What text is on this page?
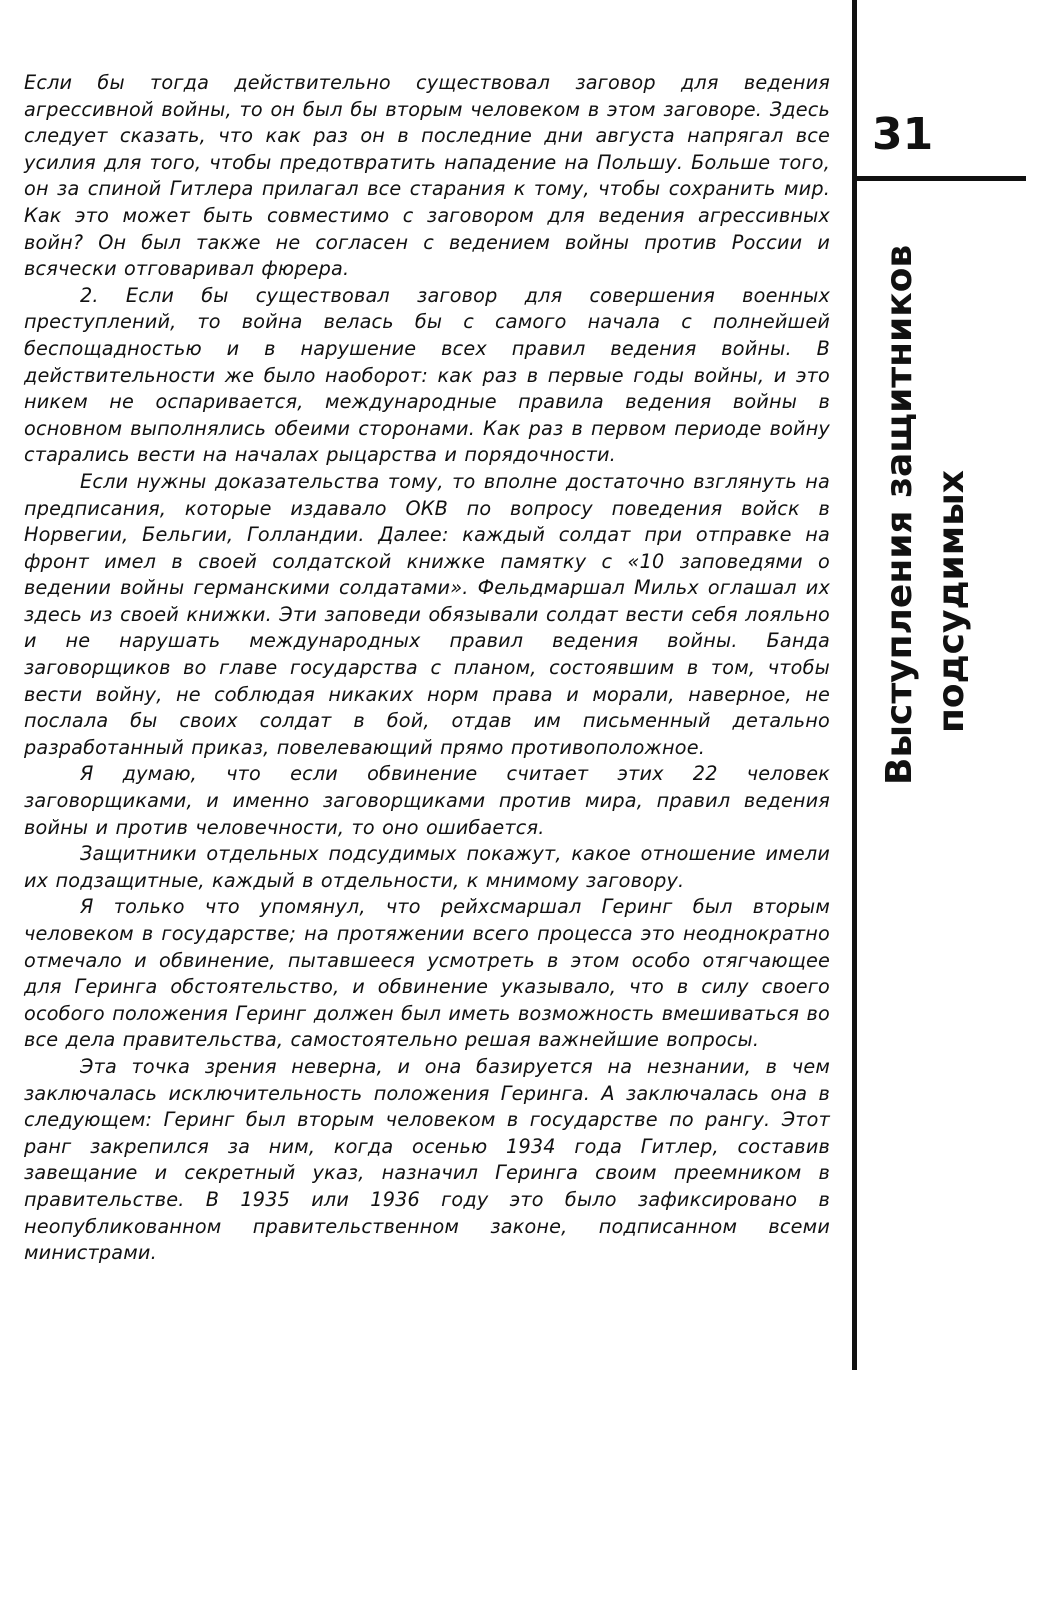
31
Выступления защитников подсудимых

Если бы тогда действительно существовал заговор для ведения агрессивной войны, то он был бы вторым человеком в этом заговоре. Здесь следует сказать, что как раз он в последние дни августа напрягал все усилия для того, чтобы предотвратить нападение на Польшу. Больше того, он за спиной Гитлера прилагал все старания к тому, чтобы сохранить мир. Как это может быть совместимо с заговором для ведения агрессивных войн? Он был также не согласен с ведением войны против России и всячески отговаривал фюрера.

2. Если бы существовал заговор для совершения военных преступлений, то война велась бы с самого начала с полнейшей беспощадностью и в нарушение всех правил ведения войны. В действительности же было наоборот: как раз в первые годы войны, и это никем не оспаривается, международные правила ведения войны в основном выполнялись обеими сторонами. Как раз в первом периоде войну старались вести на началах рыцарства и порядочности.

Если нужны доказательства тому, то вполне достаточно взглянуть на предписания, которые издавало ОКВ по вопросу поведения войск в Норвегии, Бельгии, Голландии. Далее: каждый солдат при отправке на фронт имел в своей солдатской книжке памятку с «10 заповедями о ведении войны германскими солдатами». Фельдмаршал Мильх оглашал их здесь из своей книжки. Эти заповеди обязывали солдат вести себя лояльно и не нарушать международных правил ведения войны. Банда заговорщиков во главе государства с планом, состоявшим в том, чтобы вести войну, не соблюдая никаких норм права и морали, наверное, не послала бы своих солдат в бой, отдав им письменный детально разработанный приказ, повелевающий прямо противоположное.

Я думаю, что если обвинение считает этих 22 человек заговорщиками, и именно заговорщиками против мира, правил ведения войны и против человечности, то оно ошибается.

Защитники отдельных подсудимых покажут, какое отношение имели их подзащитные, каждый в отдельности, к мнимому заговору.

Я только что упомянул, что рейхсмаршал Геринг был вторым человеком в государстве; на протяжении всего процесса это неоднократно отмечало и обвинение, пытавшееся усмотреть в этом особо отягчающее для Геринга обстоятельство, и обвинение указывало, что в силу своего особого положения Геринг должен был иметь возможность вмешиваться во все дела правительства, самостоятельно решая важнейшие вопросы.

Эта точка зрения неверна, и она базируется на незнании, в чем заключалась исключительность положения Геринга. А заключалась она в следующем: Геринг был вторым человеком в государстве по рангу. Этот ранг закрепился за ним, когда осенью 1934 года Гитлер, составив завещание и секретный указ, назначил Геринга своим преемником в правительстве. В 1935 или 1936 году это было зафиксировано в неопубликованном правительственном законе, подписанном всеми министрами.
